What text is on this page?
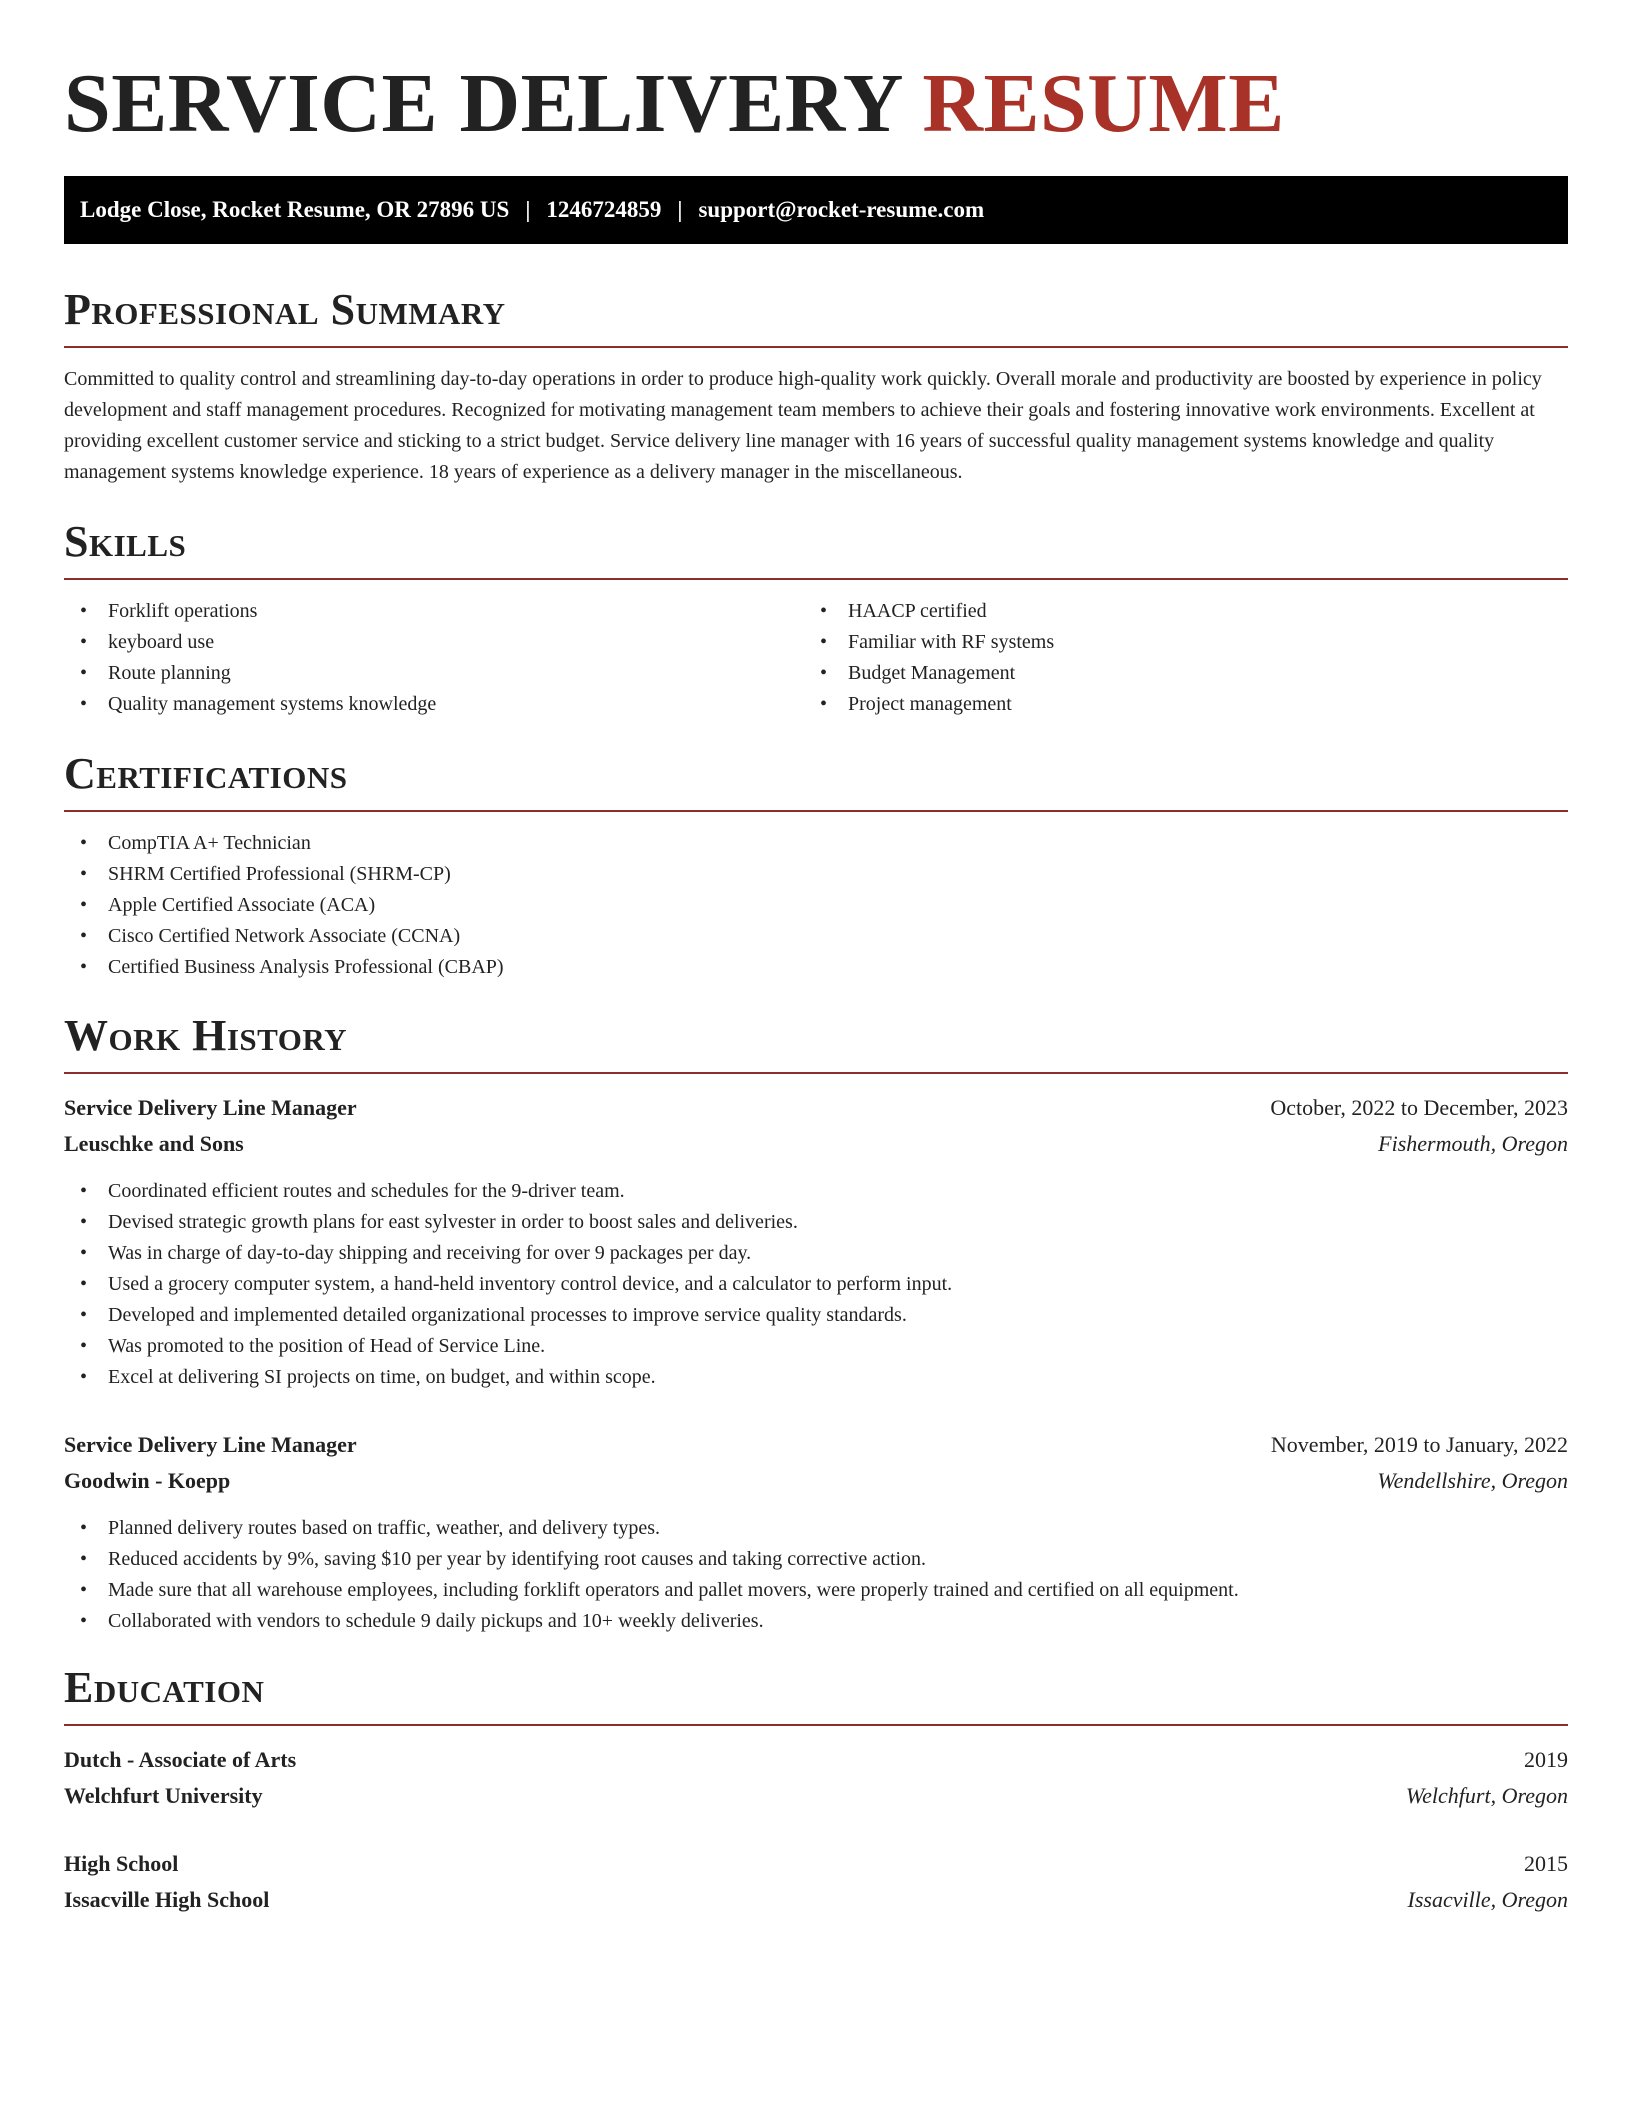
SERVICE DELIVERY RESUME
Lodge Close, Rocket Resume, OR 27896 US | 1246724859 | support@rocket-resume.com
Professional Summary

Committed to quality control and streamlining day-to-day operations in order to produce high-quality work quickly. Overall morale and productivity are boosted by experience in policy development and staff management procedures. Recognized for motivating management team members to achieve their goals and fostering innovative work environments. Excellent at providing excellent customer service and sticking to a strict budget. Service delivery line manager with 16 years of successful quality management systems knowledge and quality management systems knowledge experience. 18 years of experience as a delivery manager in the miscellaneous.

Skills
• Forklift operations
• keyboard use
• Route planning
• Quality management systems knowledge
• HAACP certified
• Familiar with RF systems
• Budget Management
• Project management
Certifications
• CompTIA A+ Technician
• SHRM Certified Professional (SHRM-CP)
• Apple Certified Associate (ACA)
• Cisco Certified Network Associate (CCNA)
• Certified Business Analysis Professional (CBAP)
Work History
Service Delivery Line Manager	October, 2022 to December, 2023
Leuschke and Sons	Fishermouth, Oregon
• Coordinated efficient routes and schedules for the 9-driver team.
• Devised strategic growth plans for east sylvester in order to boost sales and deliveries.
• Was in charge of day-to-day shipping and receiving for over 9 packages per day.
• Used a grocery computer system, a hand-held inventory control device, and a calculator to perform input.
• Developed and implemented detailed organizational processes to improve service quality standards.
• Was promoted to the position of Head of Service Line.
• Excel at delivering SI projects on time, on budget, and within scope.
Service Delivery Line Manager	November, 2019 to January, 2022
Goodwin - Koepp	Wendellshire, Oregon
• Planned delivery routes based on traffic, weather, and delivery types.
• Reduced accidents by 9%, saving $10 per year by identifying root causes and taking corrective action.
• Made sure that all warehouse employees, including forklift operators and pallet movers, were properly trained and certified on all equipment.
• Collaborated with vendors to schedule 9 daily pickups and 10+ weekly deliveries.
Education
Dutch - Associate of Arts	2019
Welchfurt University	Welchfurt, Oregon
High School	2015
Issacville High School	Issacville, Oregon
